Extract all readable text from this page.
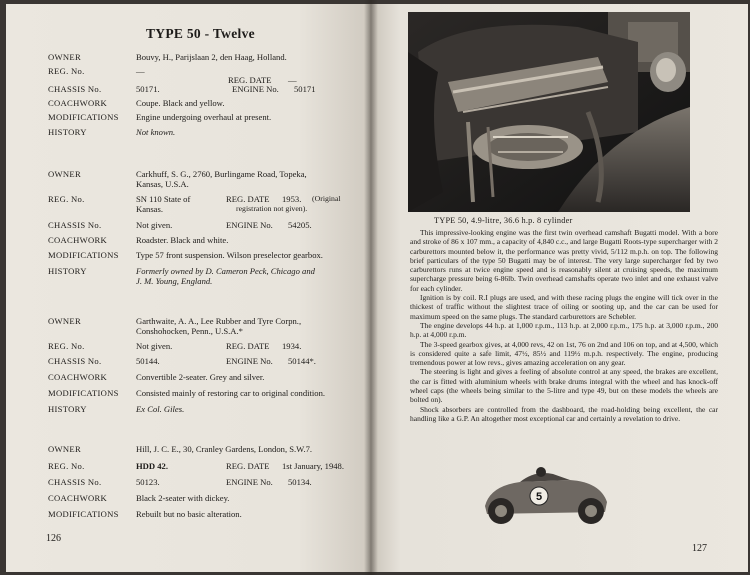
TYPE 50 - Twelve
OWNER	Bouvy, H., Parijslaan 2, den Haag, Holland.
REG. No.	—
REG. DATE —
CHASSIS No.	50171.	ENGINE No. 50171
COACHWORK	Coupe. Black and yellow.
MODIFICATIONS	Engine undergoing overhaul at present.
HISTORY	Not known.
OWNER	Carkhuff, S. G., 2760, Burlingame Road, Topeka,
Kansas, U.S.A.
REG. No.	SN 110 State of	REG. DATE 1953. (Original
Kansas.	registration not given).
CHASSIS No.	Not given.	ENGINE No. 54205.
COACHWORK	Roadster. Black and white.
MODIFICATIONS	Type 57 front suspension. Wilson preselector gearbox.
HISTORY	Formerly owned by D. Cameron Peck, Chicago and
J. M. Young, England.
OWNER	Garthwaite, A. A., Lee Rubber and Tyre Corpn.,
Conshohocken, Penn., U.S.A.*
REG. No.	Not given.	REG. DATE 1934.
CHASSIS No.	50144.	ENGINE No. 50144*.
COACHWORK	Convertible 2-seater. Grey and silver.
MODIFICATIONS	Consisted mainly of restoring car to original condition.
HISTORY	Ex Col. Giles.
OWNER	Hill, J. C. E., 30, Cranley Gardens, London, S.W.7.
REG. No.	HDD 42.	REG. DATE 1st January, 1948.
CHASSIS No.	50123.	ENGINE No. 50134.
COACHWORK	Black 2-seater with dickey.
MODIFICATIONS	Rebuilt but no basic alteration.
126
TYPE 50, 4.9-litre, 36.6 h.p. 8 cylinder

This impressive-looking engine was the first twin overhead camshaft Bugatti model. With a bore and stroke of 86 x 107 mm., a capacity of 4,840 c.c., and large Bugatti Roots-type supercharger with 2 carburettors mounted below it, the performance was pretty vivid, 5/112 m.p.h. on top. The following brief particulars of the type 50 Bugatti may be of interest. The very large supercharger fed by two carburettors runs at twice engine speed and is reasonably silent at cruising speeds, the maximum supercharge pressure being 6-86lb. Twin overhead camshafts operate two inlet and one exhaust valve for each cylinder.

Ignition is by coil. R.I plugs are used, and with these racing plugs the engine will tick over in the thickest of traffic without the slightest trace of oiling or sooting up, and the car can be used for maximum speed on the same plugs. The standard carburettors are Schebler.

The engine develops 44 h.p. at 1,000 r.p.m., 113 h.p. at 2,000 r.p.m., 175 h.p. at 3,000 r.p.m., 200 h.p. at 4,000 r.p.m.

The 3-speed gearbox gives, at 4,000 revs, 42 on 1st, 76 on 2nd and 106 on top, and at 4,500, which is considered quite a safe limit, 47½, 85½ and 119½ m.p.h. respectively. The engine, producing tremendous power at low revs., gives amazing acceleration on any gear.

The steering is light and gives a feeling of absolute control at any speed, the brakes are excellent, the car is fitted with aluminium wheels with brake drums integral with the wheel and has knock-off wheel caps (the wheels being similar to the 5-litre and type 49, but on these models the wheels are bolted on).

Shock absorbers are controlled from the dashboard, the road-holding being excellent, the car handling like a G.P. An altogether most exceptional car and certainly a revelation to drive.

5
127
